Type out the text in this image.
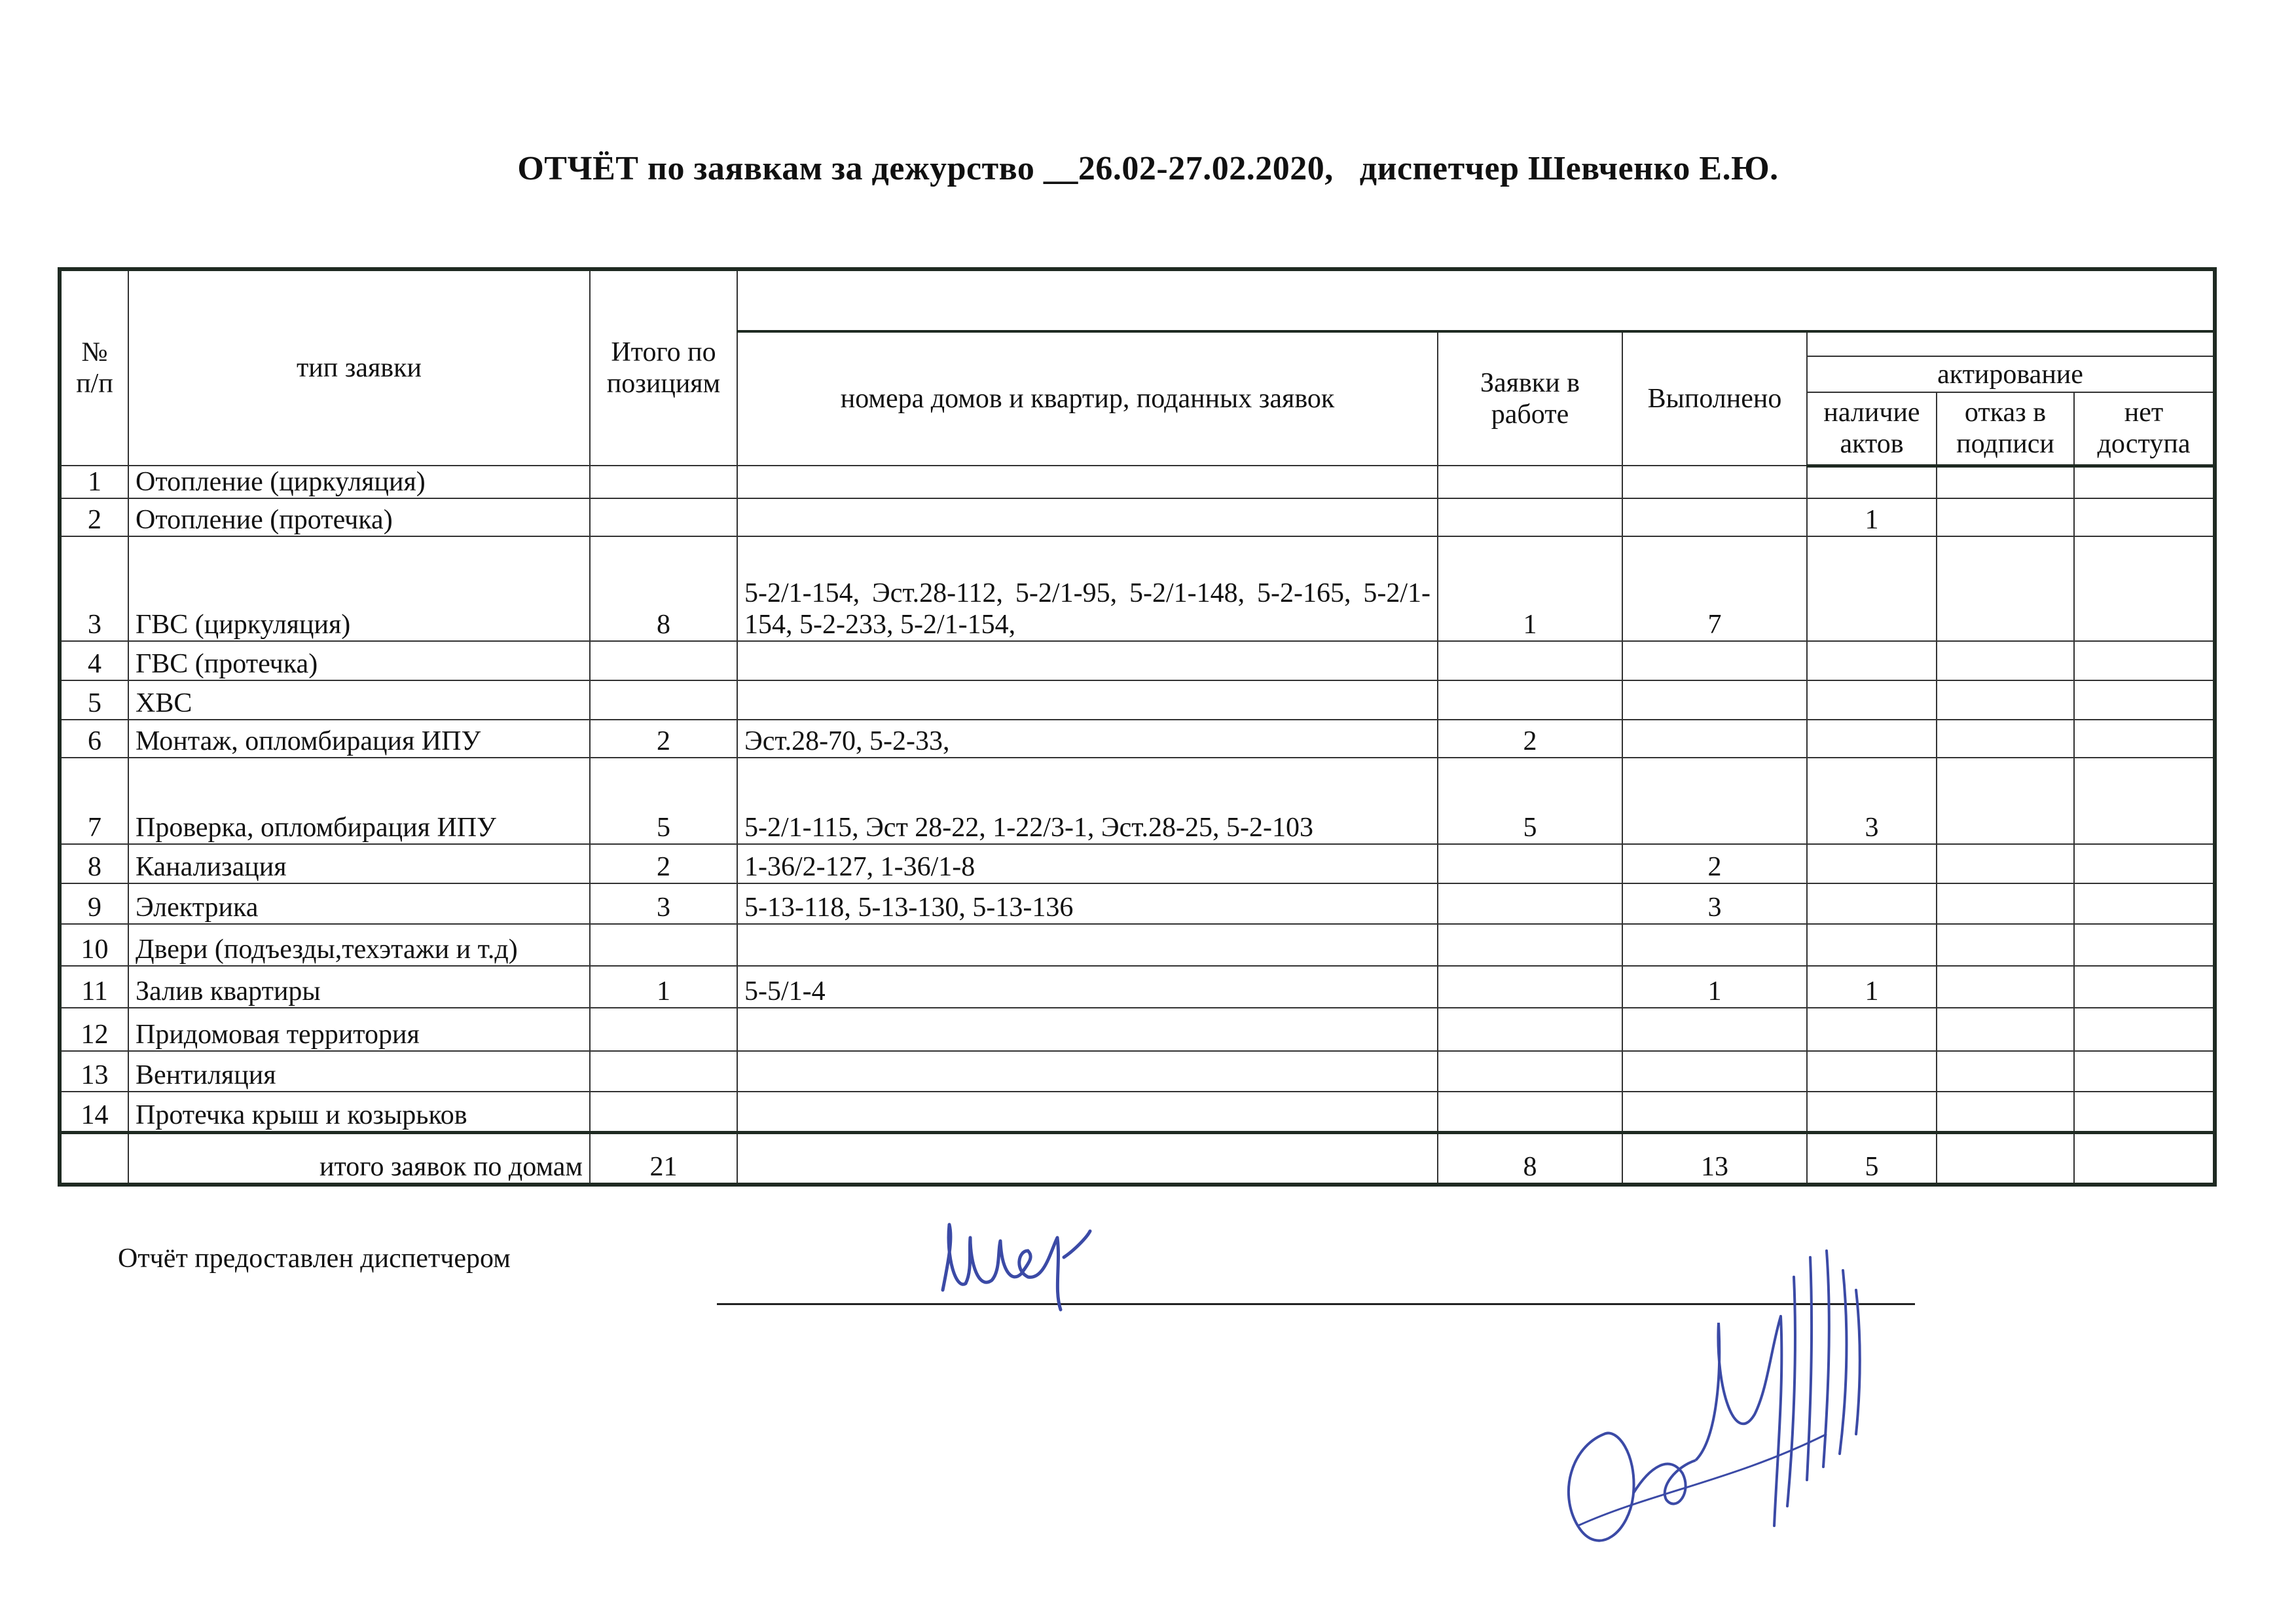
ОТЧЁТ по заявкам за дежурство __26.02-27.02.2020, диспетчер Шевченко Е.Ю.
№ п/п	тип заявки	Итого по позициям						
			номера домов и квартир, поданных заявок	Заявки в работе	Выполнено			
						актирование		
						наличие актов	отказ в подписи	нет доступа
1	Отопление (циркуляция)							
2	Отопление (протечка)					1		
3	ГВС (циркуляция)	8	5-2/1-154, Эст.28-112, 5-2/1-95, 5-2/1-148, 5-2-165, 5-2/1-154, 5-2-233, 5-2/1-154,	1	7			
4	ГВС (протечка)							
5	ХВС							
6	Монтаж, опломбирация ИПУ	2	Эст.28-70, 5-2-33,	2				
7	Проверка, опломбирация ИПУ	5	5-2/1-115, Эст 28-22, 1-22/3-1, Эст.28-25, 5-2-103	5		3		
8	Канализация	2	1-36/2-127, 1-36/1-8		2			
9	Электрика	3	5-13-118, 5-13-130, 5-13-136		3			
10	Двери (подъезды,техэтажи и т.д)							
11	Залив квартиры	1	5-5/1-4		1	1		
12	Придомовая территория							
13	Вентиляция							
14	Протечка крыш и козырьков							
	итого заявок по домам	21		8	13	5		
Отчёт предоставлен диспетчером
